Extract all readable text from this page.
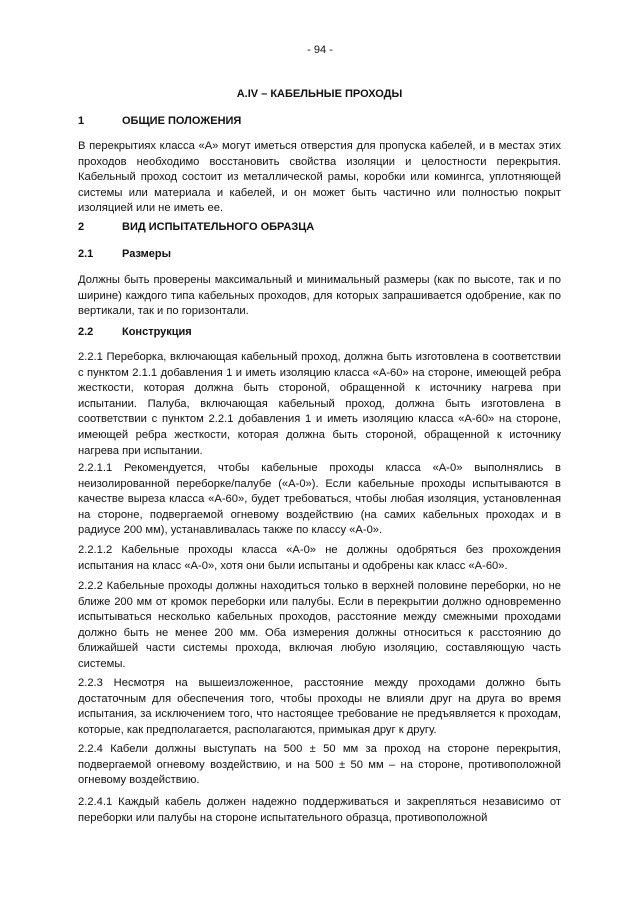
- 94 -
A.IV – КАБЕЛЬНЫЕ ПРОХОДЫ
1	ОБЩИЕ ПОЛОЖЕНИЯ

В перекрытиях класса «А» могут иметься отверстия для пропуска кабелей, и в местах этих проходов необходимо восстановить свойства изоляции и целостности перекрытия. Кабельный проход состоит из металлической рамы, коробки или комингса, уплотняющей системы или материала и кабелей, и он может быть частично или полностью покрыт изоляцией или не иметь ее.

2	ВИД ИСПЫТАТЕЛЬНОГО ОБРАЗЦА
2.1	Размеры

Должны быть проверены максимальный и минимальный размеры (как по высоте, так и по ширине) каждого типа кабельных проходов, для которых запрашивается одобрение, как по вертикали, так и по горизонтали.

2.2	Конструкция

2.2.1 Переборка, включающая кабельный проход, должна быть изготовлена в соответствии с пунктом 2.1.1 добавления 1 и иметь изоляцию класса «А-60» на стороне, имеющей ребра жесткости, которая должна быть стороной, обращенной к источнику нагрева при испытании. Палуба, включающая кабельный проход, должна быть изготовлена в соответствии с пунктом 2.2.1 добавления 1 и иметь изоляцию класса «А-60» на стороне, имеющей ребра жесткости, которая должна быть стороной, обращенной к источнику нагрева при испытании.

2.2.1.1 Рекомендуется, чтобы кабельные проходы класса «А-0» выполнялись в неизолированной переборке/палубе («А-0»). Если кабельные проходы испытываются в качестве выреза класса «А-60», будет требоваться, чтобы любая изоляция, установленная на стороне, подвергаемой огневому воздействию (на самих кабельных проходах и в радиусе 200 мм), устанавливалась также по классу «А-0».

2.2.1.2 Кабельные проходы класса «А-0» не должны одобряться без прохождения испытания на класс «А-0», хотя они были испытаны и одобрены как класс «А-60».

2.2.2 Кабельные проходы должны находиться только в верхней половине переборки, но не ближе 200 мм от кромок переборки или палубы. Если в перекрытии должно одновременно испытываться несколько кабельных проходов, расстояние между смежными проходами должно быть не менее 200 мм. Оба измерения должны относиться к расстоянию до ближайшей части системы прохода, включая любую изоляцию, составляющую часть системы.

2.2.3 Несмотря на вышеизложенное, расстояние между проходами должно быть достаточным для обеспечения того, чтобы проходы не влияли друг на друга во время испытания, за исключением того, что настоящее требование не предъявляется к проходам, которые, как предполагается, располагаются, примыкая друг к другу.

2.2.4 Кабели должны выступать на 500 ± 50 мм за проход на стороне перекрытия, подвергаемой огневому воздействию, и на 500 ± 50 мм – на стороне, противоположной огневому воздействию.

2.2.4.1 Каждый кабель должен надежно поддерживаться и закрепляться независимо от переборки или палубы на стороне испытательного образца, противоположной
